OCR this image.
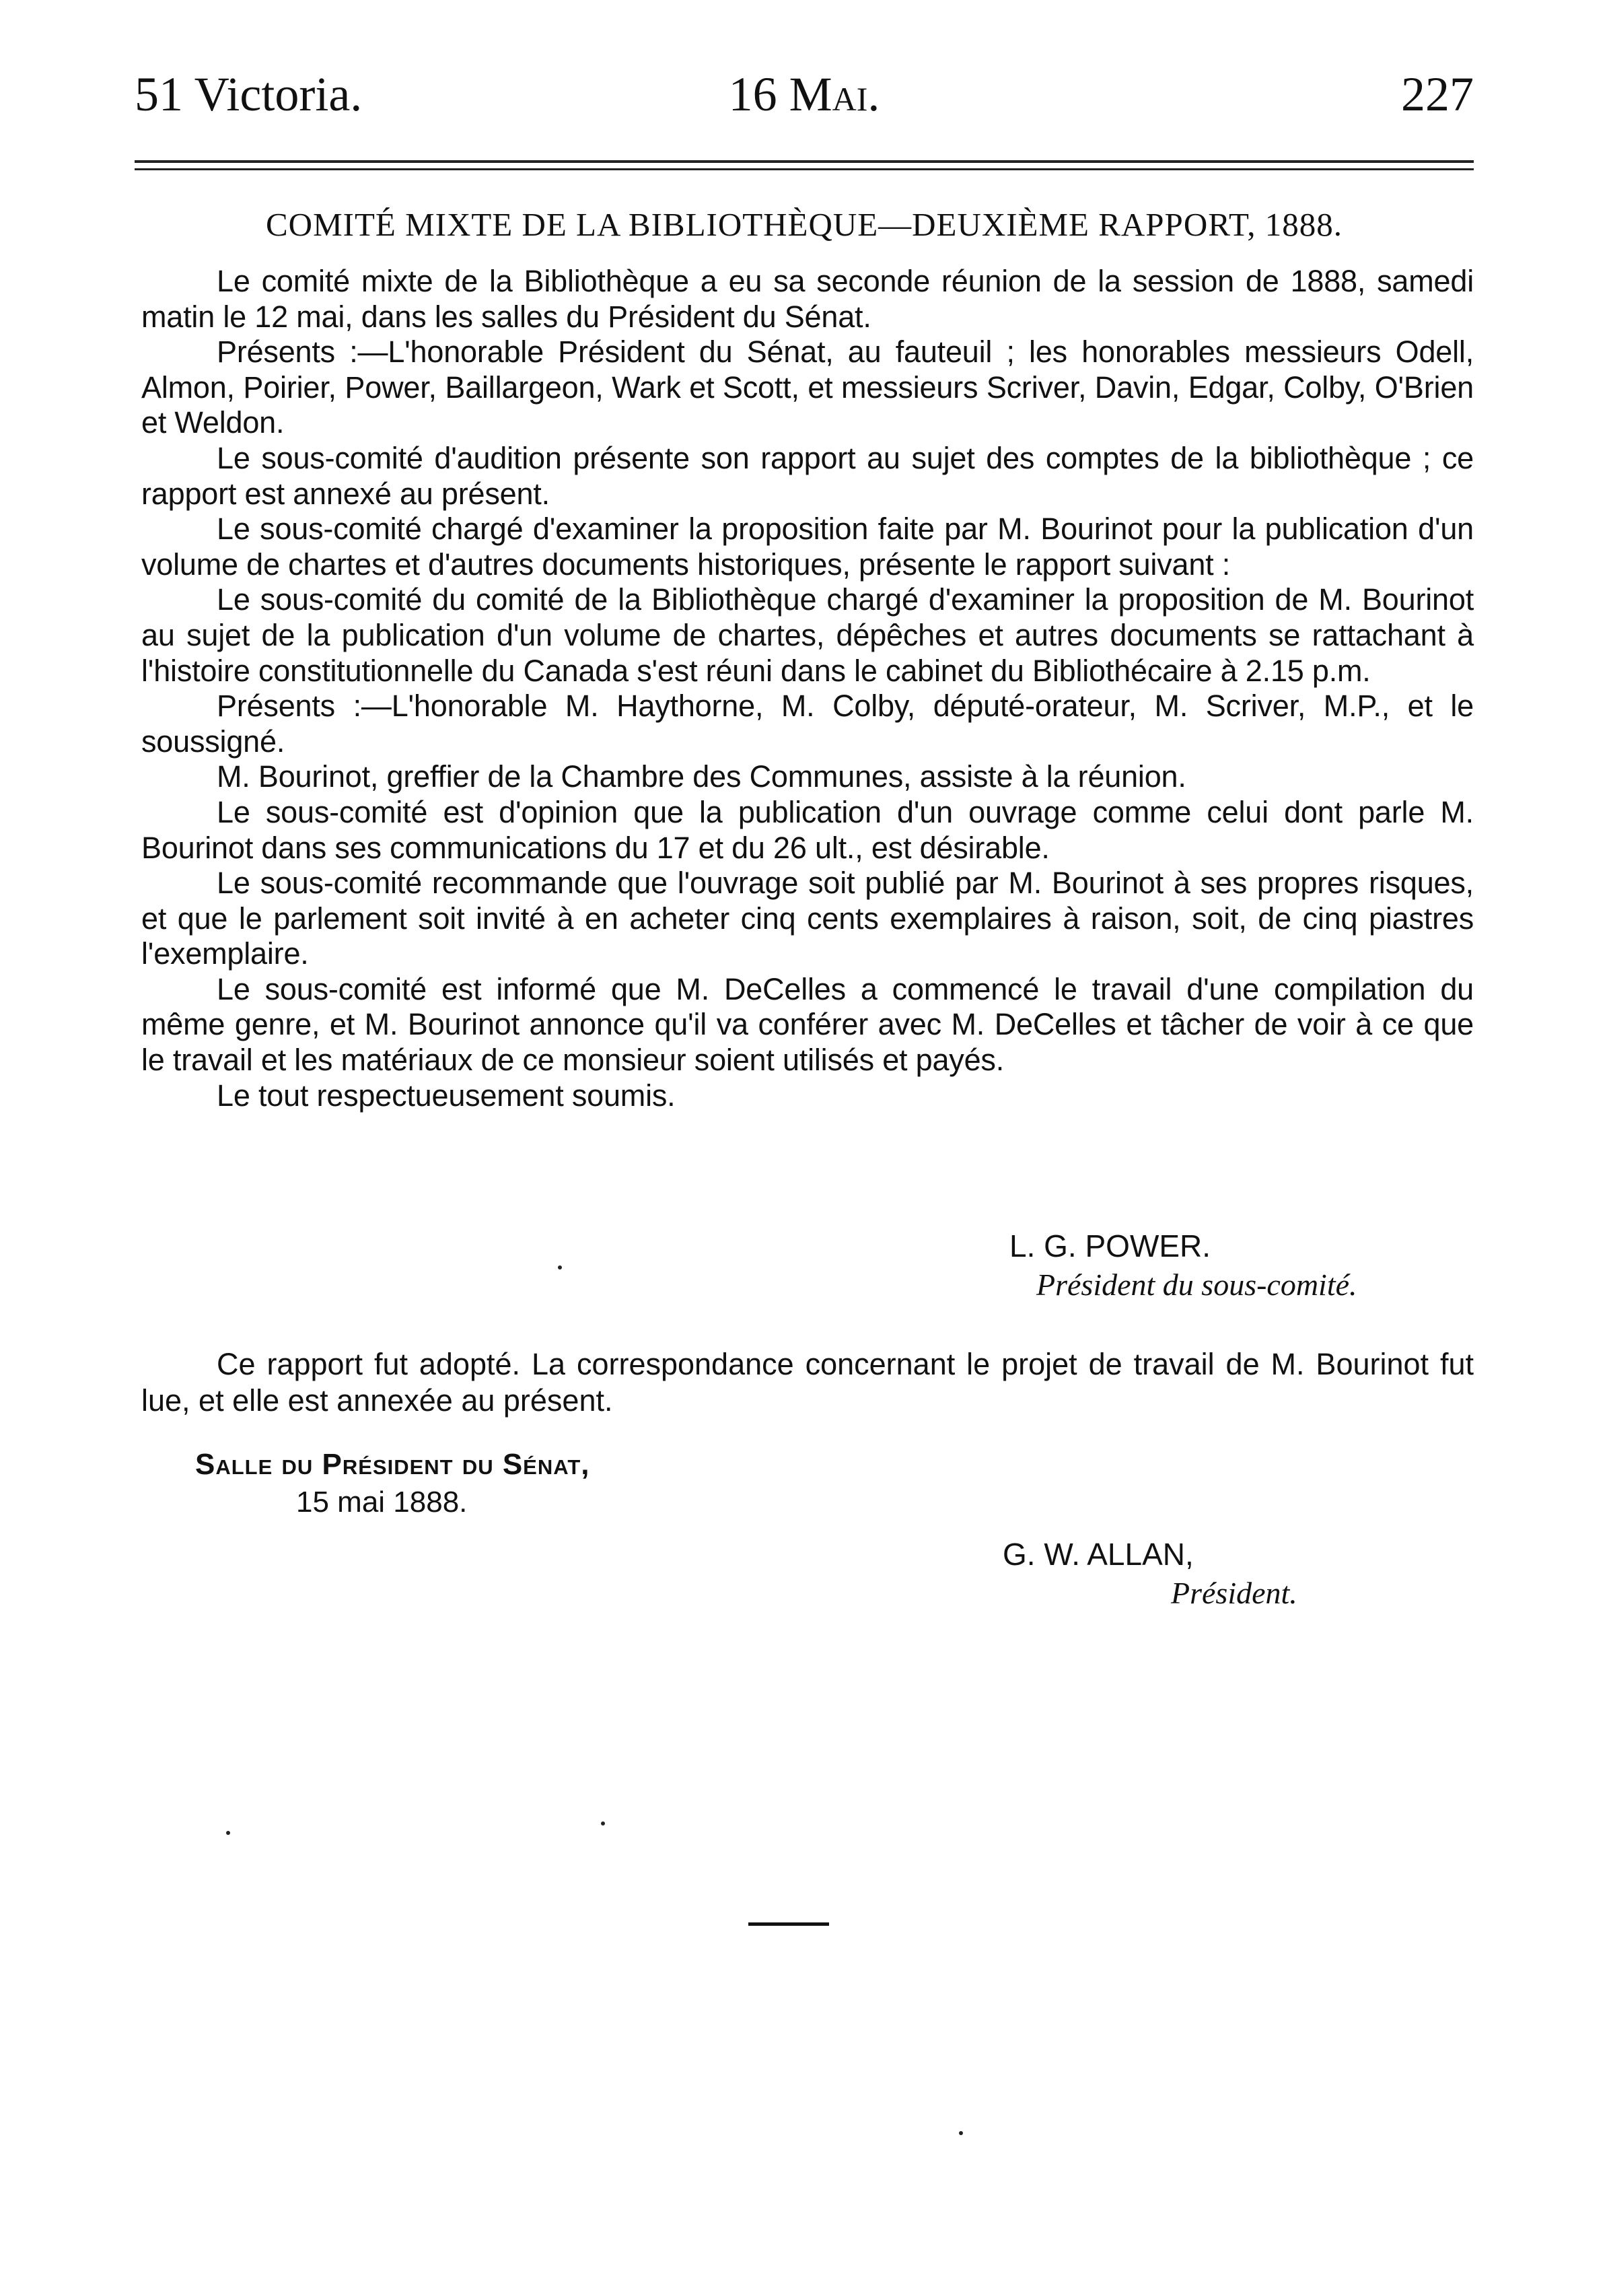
51 Victoria.	16 Mai.	227
COMITÉ MIXTE DE LA BIBLIOTHÈQUE—DEUXIÈME RAPPORT, 1888.

Le comité mixte de la Bibliothèque a eu sa seconde réunion de la session de 1888, samedi matin le 12 mai, dans les salles du Président du Sénat.

Présents :—L'honorable Président du Sénat, au fauteuil ; les honorables messieurs Odell, Almon, Poirier, Power, Baillargeon, Wark et Scott, et messieurs Scriver, Davin, Edgar, Colby, O'Brien et Weldon.

Le sous-comité d'audition présente son rapport au sujet des comptes de la bibliothèque ; ce rapport est annexé au présent.

Le sous-comité chargé d'examiner la proposition faite par M. Bourinot pour la publication d'un volume de chartes et d'autres documents historiques, présente le rapport suivant :

Le sous-comité du comité de la Bibliothèque chargé d'examiner la proposition de M. Bourinot au sujet de la publication d'un volume de chartes, dépêches et autres documents se rattachant à l'histoire constitutionnelle du Canada s'est réuni dans le cabinet du Bibliothécaire à 2.15 p.m.

Présents :—L'honorable M. Haythorne, M. Colby, député-orateur, M. Scriver, M.P., et le soussigné.

M. Bourinot, greffier de la Chambre des Communes, assiste à la réunion.

Le sous-comité est d'opinion que la publication d'un ouvrage comme celui dont parle M. Bourinot dans ses communications du 17 et du 26 ult., est désirable.

Le sous-comité recommande que l'ouvrage soit publié par M. Bourinot à ses propres risques, et que le parlement soit invité à en acheter cinq cents exemplaires à raison, soit, de cinq piastres l'exemplaire.

Le sous-comité est informé que M. DeCelles a commencé le travail d'une compilation du même genre, et M. Bourinot annonce qu'il va conférer avec M. DeCelles et tâcher de voir à ce que le travail et les matériaux de ce monsieur soient utilisés et payés.

Le tout respectueusement soumis.

L. G. POWER.
Président du sous-comité.

Ce rapport fut adopté. La correspondance concernant le projet de travail de M. Bourinot fut lue, et elle est annexée au présent.

Salle du Président du Sénat,
15 mai 1888.
G. W. ALLAN,
Président.
